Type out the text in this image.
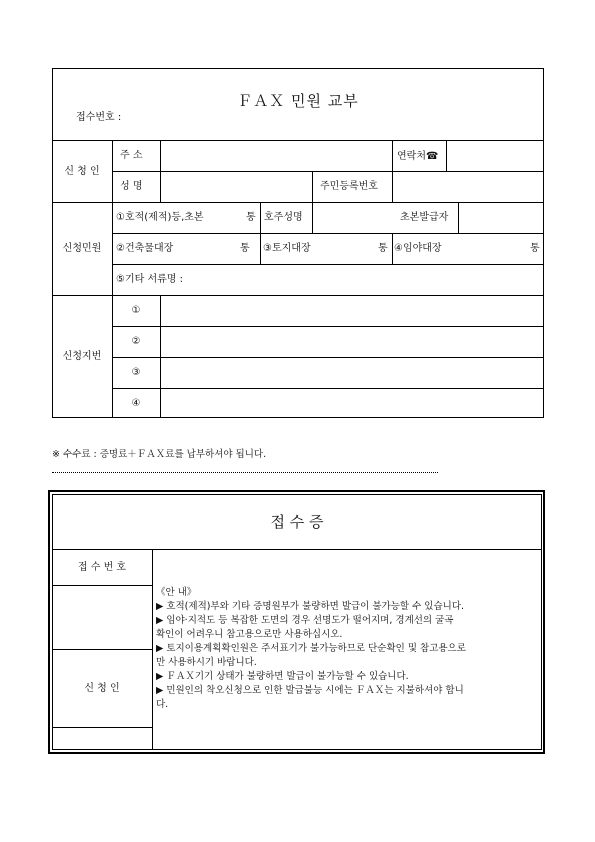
ＦＡＸ 민원 교부
접수번호 :
신 청 인
주 소	연락처☎
성 명	주민등록번호
신청민원
①호적(제적)등,초본	통 호주성명	초본발급자
②건축물대장	통 ③토지대장	통 ④임야대장	통
⑤기타 서류명 :
신청지번
①
②
③
④
※ 수수료 : 증명료＋ＦＡＸ료를 납부하셔야 됩니다.
접 수 증
접 수 번 호
신 청 인
《안 내》
▶ 호적(제적)부와 기타 증명원부가 불량하면 발급이 불가능할 수 있습니다.
▶ 임야·지적도 등 복잡한 도면의 경우 선명도가 떨어지며, 경계선의 굴곡
확인이 어려우니 참고용으로만 사용하십시오.
▶ 토지이용계획확인원은 주서표기가 불가능하므로 단순확인 및 참고용으로
만 사용하시기 바랍니다.
▶ ＦＡＸ기기 상태가 불량하면 발급이 불가능할 수 있습니다.
▶ 민원인의 착오신청으로 인한 발급불능 시에는 ＦＡＸ는 지불하셔야 합니
다.
